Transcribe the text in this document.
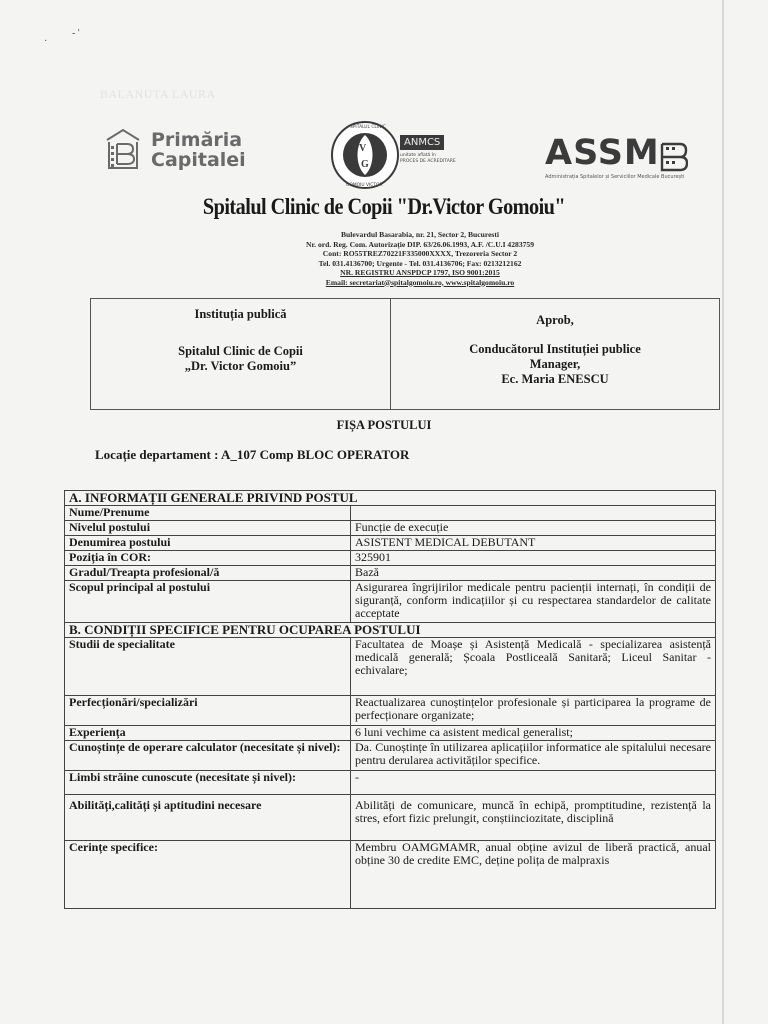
- '
·
BALANUTA LAURA
Primăria
Capitalei
V
G
SPITALUL CLINIC
GOMOIU VICTOR
ANMCS
unitate aflată în
PROCES DE ACREDITARE	ASSM
Administrația Spitalelor și Serviciilor Medicale București
Spitalul Clinic de Copii "Dr.Victor Gomoiu"
Bulevardul Basarabia, nr. 21, Sector 2, Bucuresti
Nr. ord. Reg. Com. Autorizație DIP. 63/26.06.1993, A.F. /C.U.I 4283759
Cont: RO55TREZ70221F335000XXXX, Trezoreria Sector 2
Tel. 031.4136700; Urgente - Tel. 031.4136706; Fax: 0213212162
NR. REGISTRU ANSPDCP 1797, ISO 9001:2015
Email: secretariat@spitalgomoiu.ro, www.spitalgomoiu.ro
Instituția publică
Spitalul Clinic de Copii
„Dr. Victor Gomoiu”
Aprob,
Conducătorul Instituției publice
Manager,
Ec. Maria ENESCU
FIȘA POSTULUI
Locație departament : A_107 Comp BLOC OPERATOR
A. INFORMAȚII GENERALE PRIVIND POSTUL	
Nume/Prenume	
Nivelul postului	Funcție de execuție
Denumirea postului	ASISTENT MEDICAL DEBUTANT
Poziția în COR:	325901
Gradul/Treapta profesional/ă	Bază
Scopul principal al postului	Asigurarea îngrijirilor medicale pentru pacienții internați, în condiții de siguranță, conform indicațiilor și cu respectarea standardelor de calitate acceptate
B. CONDIȚII SPECIFICE PENTRU OCUPAREA POSTULUI	
Studii de specialitate	Facultatea de Moașe și Asistență Medicală - specializarea asistență medicală generală; Școala Postliceală Sanitară; Liceul Sanitar - echivalare;
Perfecționări/specializări	Reactualizarea cunoștințelor profesionale și participarea la programe de perfecționare organizate;
Experiența	6 luni vechime ca asistent medical generalist;
Cunoștințe de operare calculator (necesitate și nivel):	Da. Cunoștințe în utilizarea aplicațiilor informatice ale spitalului necesare pentru derularea activităților specifice.
Limbi străine cunoscute (necesitate și nivel):	-
Abilități,calități și aptitudini necesare	Abilități de comunicare, muncă în echipă, promptitudine, rezistență la stres, efort fizic prelungit, conștiinciozitate, disciplină
Cerințe specifice:	Membru OAMGMAMR, anual obține avizul de liberă practică, anual obține 30 de credite EMC, deține polița de malpraxis
